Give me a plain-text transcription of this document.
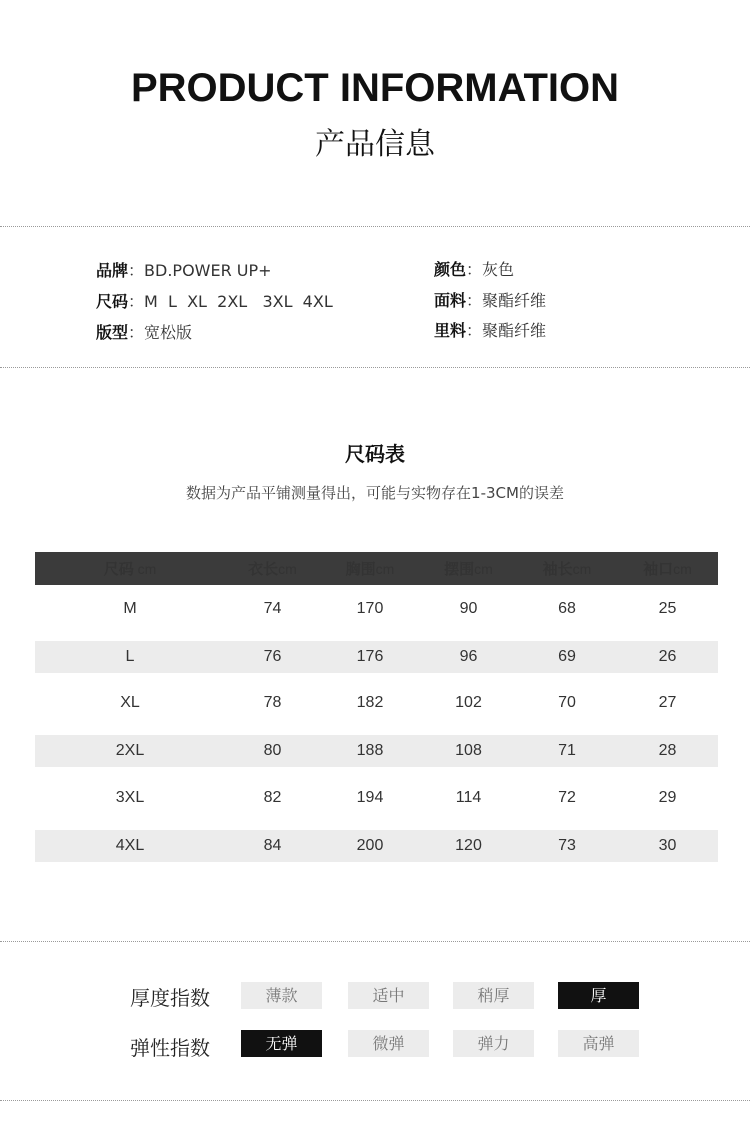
PRODUCT INFORMATION
产品信息
品牌：BD.POWER UP+
尺码：M  L  XL  2XL   3XL  4XL
版型：宽松版
颜色：灰色
面料：聚酯纤维
里料：聚酯纤维
尺码表
数据为产品平铺测量得出，可能与实物存在1-3CM的误差
尺码 cm	衣长cm	胸围cm	摆围cm	袖长cm	袖口cm
M	74	170	90	68	25
L	76	176	96	69	26
XL	78	182	102	70	27
2XL	80	188	108	71	28
3XL	82	194	114	72	29
4XL	84	200	120	73	30
厚度指数	薄款	适中	稍厚	厚
弹性指数	无弹	微弹	弹力	高弹
